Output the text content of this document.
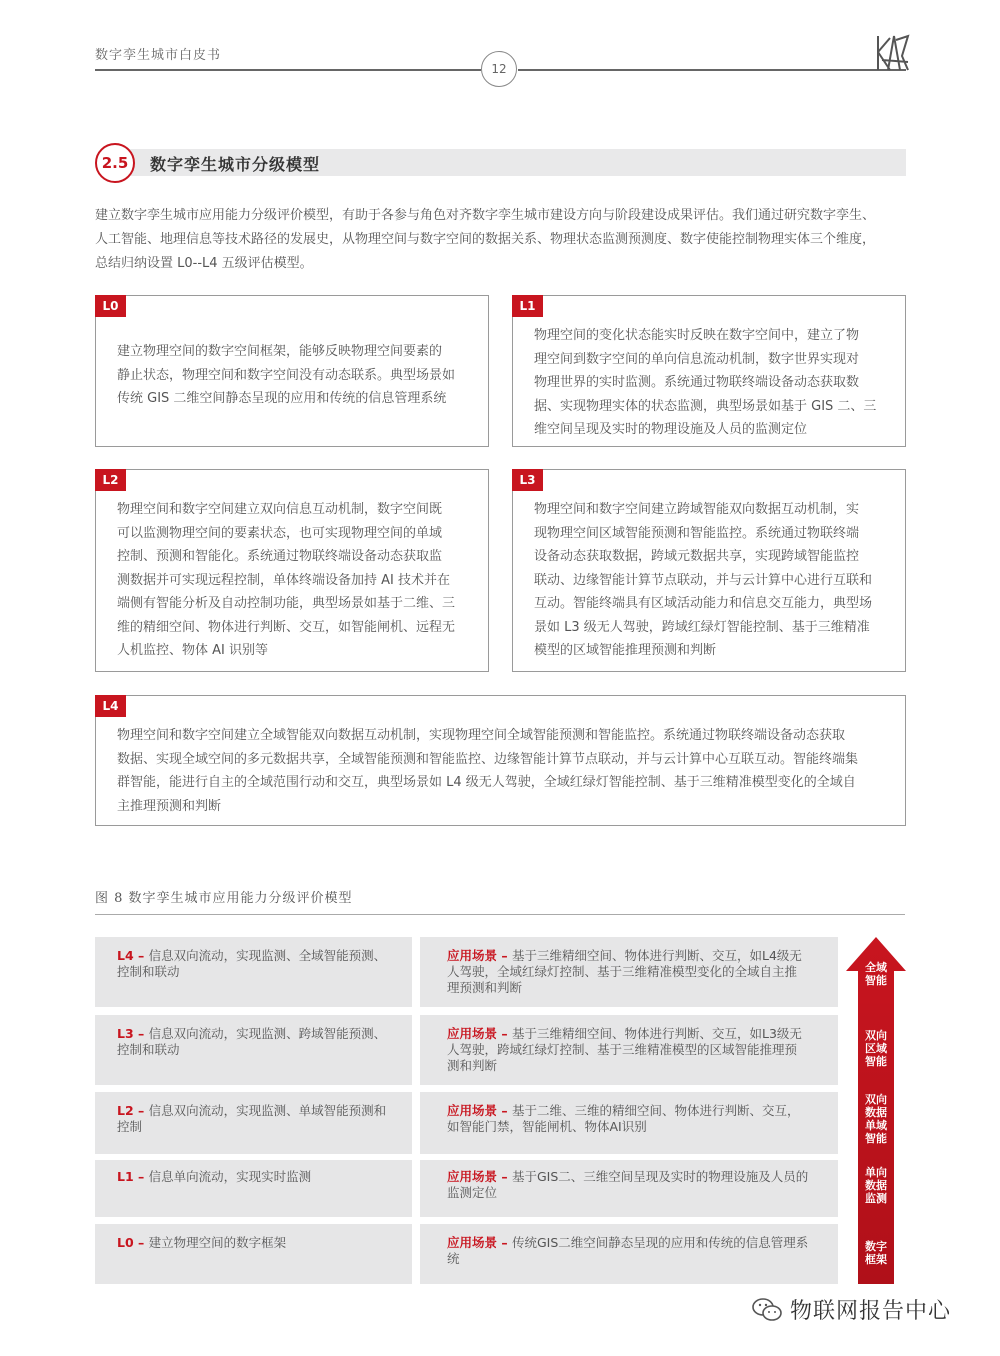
数字孪生城市白皮书
12
2.5	数字孪生城市分级模型
建立数字孪生城市应用能力分级评价模型，有助于各参与角色对齐数字孪生城市建设方向与阶段建设成果评估。我们通过研究数字孪生、
人工智能、地理信息等技术路径的发展史，从物理空间与数字空间的数据关系、物理状态监测预测度、数字使能控制物理实体三个维度，
总结归纳设置 L0--L4 五级评估模型。
L0
建立物理空间的数字空间框架，能够反映物理空间要素的
静止状态，物理空间和数字空间没有动态联系。典型场景如
传统 GIS 二维空间静态呈现的应用和传统的信息管理系统
L1
物理空间的变化状态能实时反映在数字空间中，建立了物
理空间到数字空间的单向信息流动机制，数字世界实现对
物理世界的实时监测。系统通过物联终端设备动态获取数
据、实现物理实体的状态监测，典型场景如基于 GIS 二、三
维空间呈现及实时的物理设施及人员的监测定位
L2
物理空间和数字空间建立双向信息互动机制，数字空间既
可以监测物理空间的要素状态，也可实现物理空间的单域
控制、预测和智能化。系统通过物联终端设备动态获取监
测数据并可实现远程控制，单体终端设备加持 AI 技术并在
端侧有智能分析及自动控制功能，典型场景如基于二维、三
维的精细空间、物体进行判断、交互，如智能闸机、远程无
人机监控、物体 AI 识别等
L3
物理空间和数字空间建立跨域智能双向数据互动机制，实
现物理空间区域智能预测和智能监控。系统通过物联终端
设备动态获取数据，跨域元数据共享，实现跨域智能监控
联动、边缘智能计算节点联动，并与云计算中心进行互联和
互动。智能终端具有区域活动能力和信息交互能力，典型场
景如 L3 级无人驾驶，跨域红绿灯智能控制、基于三维精准
模型的区域智能推理预测和判断
L4
物理空间和数字空间建立全域智能双向数据互动机制，实现物理空间全域智能预测和智能监控。系统通过物联终端设备动态获取
数据、实现全域空间的多元数据共享，全域智能预测和智能监控、边缘智能计算节点联动，并与云计算中心互联互动。智能终端集
群智能，能进行自主的全域范围行动和交互，典型场景如 L4 级无人驾驶，全域红绿灯智能控制、基于三维精准模型变化的全域自
主推理预测和判断
图 8 数字孪生城市应用能力分级评价模型
L4 – 信息双向流动，实现监测、全域智能预测、控制和联动
L3 – 信息双向流动，实现监测、跨域智能预测、控制和联动
L2 – 信息双向流动，实现监测、单域智能预测和控制
L1 – 信息单向流动，实现实时监测
L0 – 建立物理空间的数字框架
应用场景 – 基于三维精细空间、物体进行判断、交互，如L4级无人驾驶，全域红绿灯控制、基于三维精准模型变化的全域自主推理预测和判断
应用场景 – 基于三维精细空间、物体进行判断、交互，如L3级无人驾驶，跨域红绿灯控制、基于三维精准模型的区域智能推理预测和判断
应用场景 – 基于二维、三维的精细空间、物体进行判断、交互，如智能门禁，智能闸机、物体AI识别
应用场景 – 基于GIS二、三维空间呈现及实时的物理设施及人员的监测定位
应用场景 – 传统GIS二维空间静态呈现的应用和传统的信息管理系统
全域智能
双向区域智能
双向数据单域智能
单向数据监测
数字框架
物联网报告中心
